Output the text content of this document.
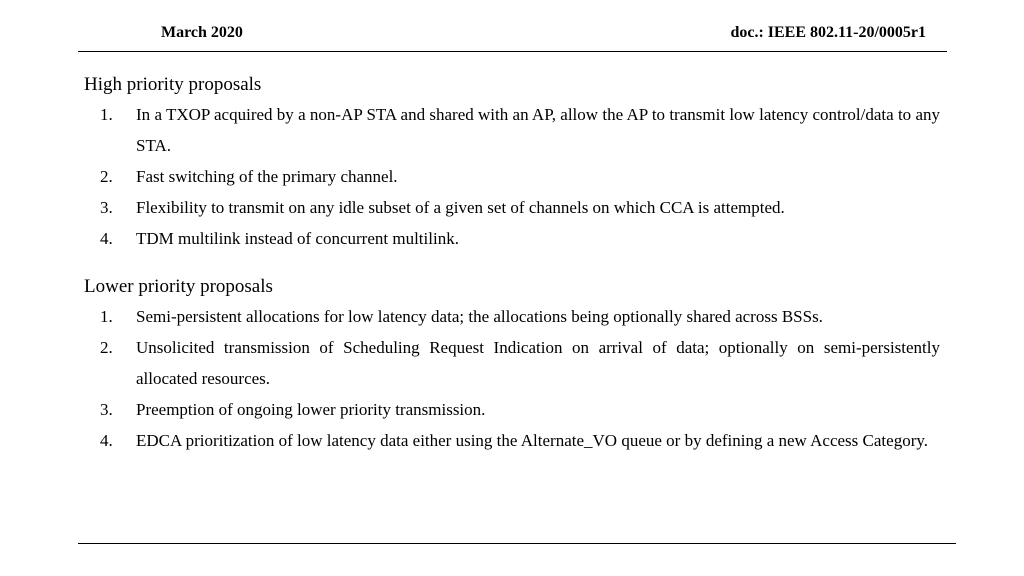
March 2020	doc.: IEEE 802.11-20/0005r1
High priority proposals
1. In a TXOP acquired by a non-AP STA and shared with an AP, allow the AP to transmit low latency control/data to any STA.
2. Fast switching of the primary channel.
3. Flexibility to transmit on any idle subset of a given set of channels on which CCA is attempted.
4. TDM multilink instead of concurrent multilink.
Lower priority proposals
1. Semi-persistent allocations for low latency data; the allocations being optionally shared across BSSs.
2. Unsolicited transmission of Scheduling Request Indication on arrival of data; optionally on semi-persistently allocated resources.
3. Preemption of ongoing lower priority transmission.
4. EDCA prioritization of low latency data either using the Alternate_VO queue or by defining a new Access Category.
